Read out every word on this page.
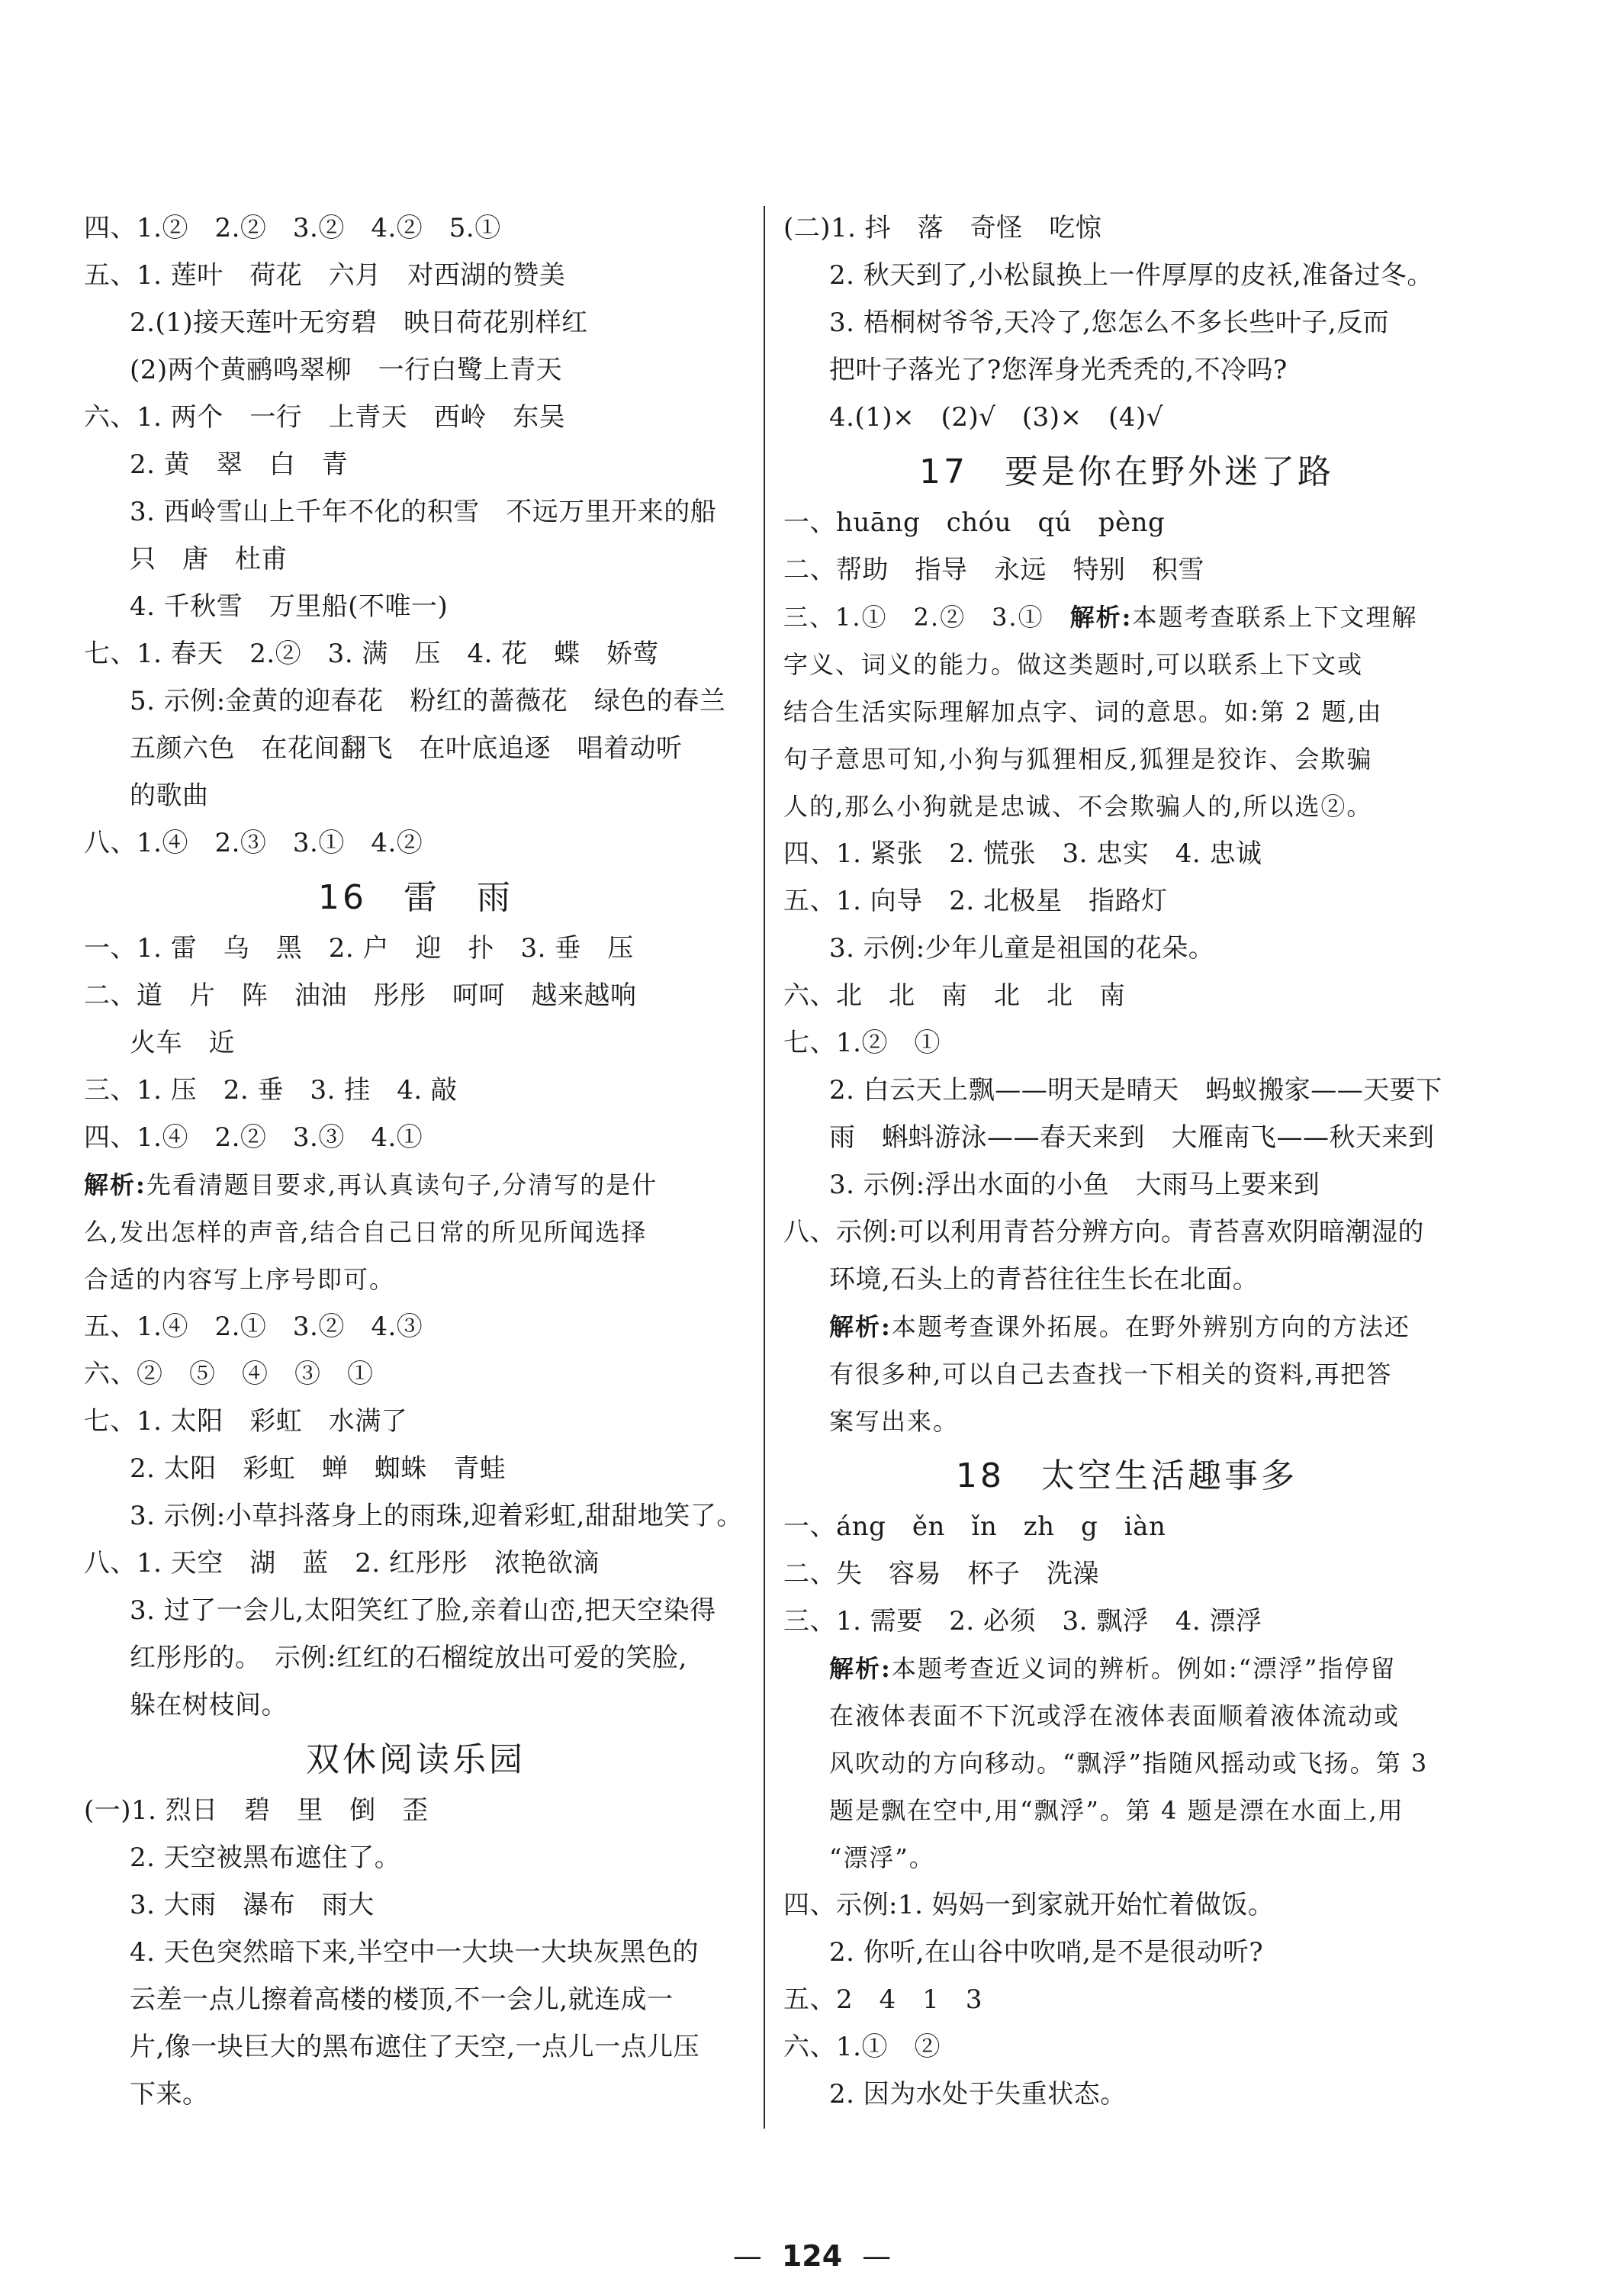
四、1.②　2.②　3.②　4.②　5.①
五、1. 莲叶　荷花　六月　对西湖的赞美
2.(1)接天莲叶无穷碧　映日荷花别样红
(2)两个黄鹂鸣翠柳　一行白鹭上青天
六、1. 两个　一行　上青天　西岭　东吴
2. 黄　翠　白　青
3. 西岭雪山上千年不化的积雪　不远万里开来的船
只　唐　杜甫
4. 千秋雪　万里船(不唯一)
七、1. 春天　2.②　3. 满　压　4. 花　蝶　娇莺
5. 示例:金黄的迎春花　粉红的蔷薇花　绿色的春兰
五颜六色　在花间翻飞　在叶底追逐　唱着动听
的歌曲
八、1.④　2.③　3.①　4.②
16　雷　雨
一、1. 雷　乌　黑　2. 户　迎　扑　3. 垂　压
二、道　片　阵　油油　彤彤　呵呵　越来越响
火车　近
三、1. 压　2. 垂　3. 挂　4. 敲
四、1.④　2.②　3.③　4.①
解析:先看清题目要求,再认真读句子,分清写的是什
么,发出怎样的声音,结合自己日常的所见所闻选择
合适的内容写上序号即可。
五、1.④　2.①　3.②　4.③
六、②　⑤　④　③　①
七、1. 太阳　彩虹　水满了
2. 太阳　彩虹　蝉　蜘蛛　青蛙
3. 示例:小草抖落身上的雨珠,迎着彩虹,甜甜地笑了。
八、1. 天空　湖　蓝　2. 红彤彤　浓艳欲滴
3. 过了一会儿,太阳笑红了脸,亲着山峦,把天空染得
红彤彤的。　示例:红红的石榴绽放出可爱的笑脸,
躲在树枝间。
双休阅读乐园
(一)1. 烈日　碧　里　倒　歪
2. 天空被黑布遮住了。
3. 大雨　瀑布　雨大
4. 天色突然暗下来,半空中一大块一大块灰黑色的
云差一点儿擦着高楼的楼顶,不一会儿,就连成一
片,像一块巨大的黑布遮住了天空,一点儿一点儿压
下来。
(二)1. 抖　落　奇怪　吃惊
2. 秋天到了,小松鼠换上一件厚厚的皮袄,准备过冬。
3. 梧桐树爷爷,天冷了,您怎么不多长些叶子,反而
把叶子落光了?您浑身光秃秃的,不冷吗?
4.(1)×　(2)√　(3)×　(4)√
17　要是你在野外迷了路
一、huāng　chóu　qú　pèng
二、帮助　指导　永远　特别　积雪
三、1.①　2.②　3.①　解析:本题考查联系上下文理解
字义、词义的能力。做这类题时,可以联系上下文或
结合生活实际理解加点字、词的意思。如:第 2 题,由
句子意思可知,小狗与狐狸相反,狐狸是狡诈、会欺骗
人的,那么小狗就是忠诚、不会欺骗人的,所以选②。
四、1. 紧张　2. 慌张　3. 忠实　4. 忠诚
五、1. 向导　2. 北极星　指路灯
3. 示例:少年儿童是祖国的花朵。
六、北　北　南　北　北　南
七、1.②　①
2. 白云天上飘——明天是晴天　蚂蚁搬家——天要下
雨　蝌蚪游泳——春天来到　大雁南飞——秋天来到
3. 示例:浮出水面的小鱼　大雨马上要来到
八、示例:可以利用青苔分辨方向。青苔喜欢阴暗潮湿的
环境,石头上的青苔往往生长在北面。
解析:本题考查课外拓展。在野外辨别方向的方法还
有很多种,可以自己去查找一下相关的资料,再把答
案写出来。
18　太空生活趣事多
一、áng　ěn　ǐn　zh　g　iàn
二、失　容易　杯子　洗澡
三、1. 需要　2. 必须　3. 飘浮　4. 漂浮
解析:本题考查近义词的辨析。例如:“漂浮”指停留
在液体表面不下沉或浮在液体表面顺着液体流动或
风吹动的方向移动。“飘浮”指随风摇动或飞扬。第 3
题是飘在空中,用“飘浮”。第 4 题是漂在水面上,用
“漂浮”。
四、示例:1. 妈妈一到家就开始忙着做饭。
2. 你听,在山谷中吹哨,是不是很动听?
五、2　4　1　3
六、1.①　②
2. 因为水处于失重状态。
— 124 —
